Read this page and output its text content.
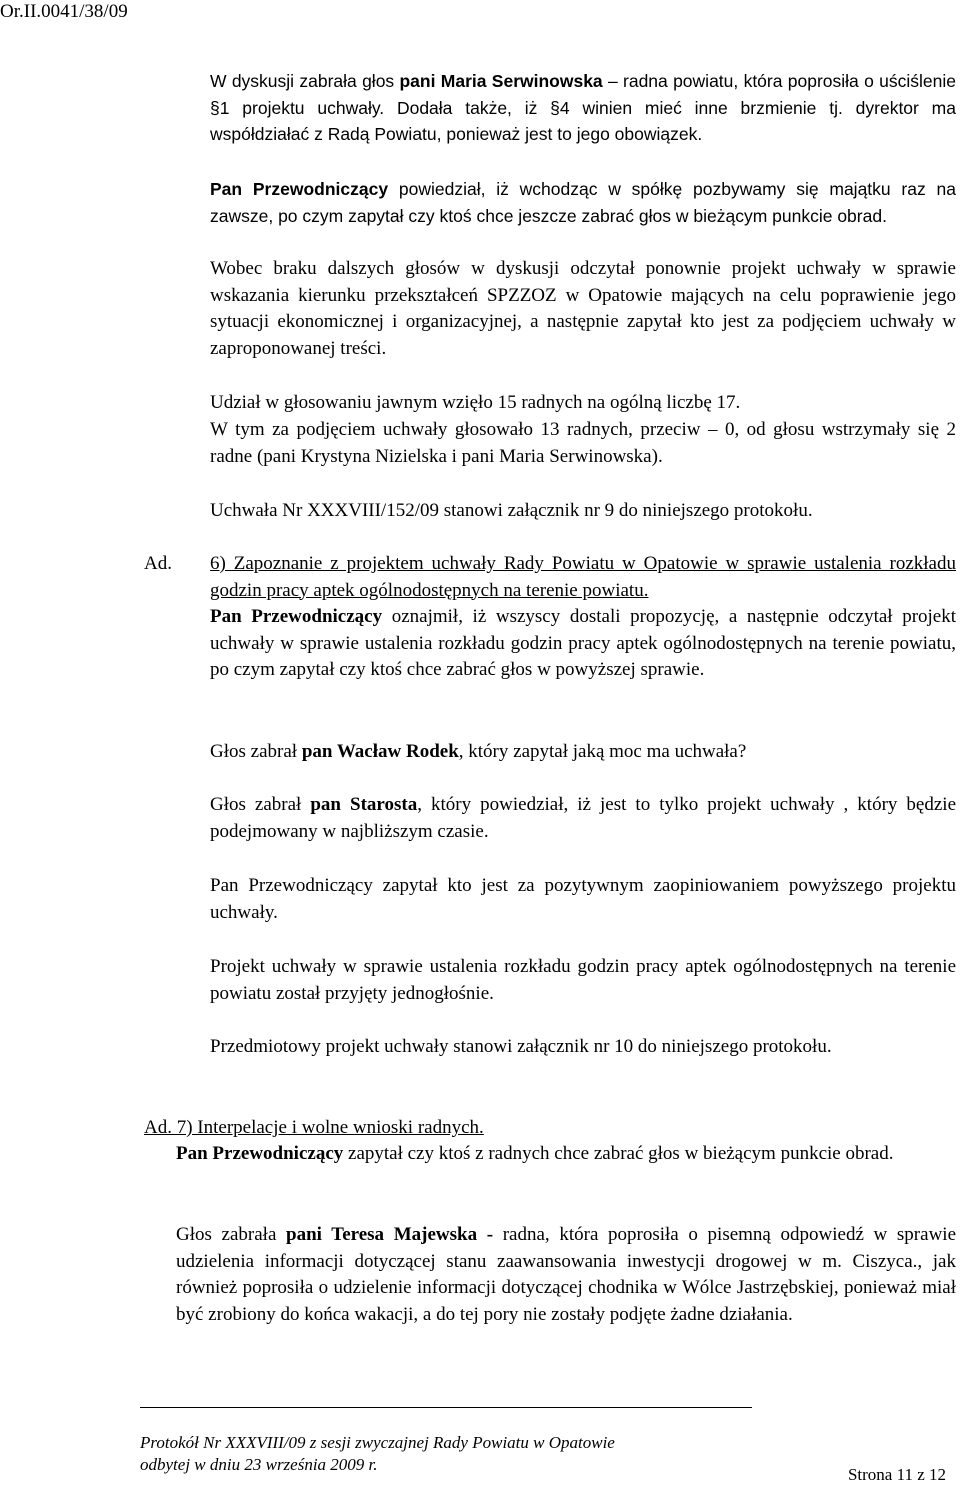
Or.II.0041/38/09
W dyskusji zabrała głos pani Maria Serwinowska – radna powiatu, która poprosiła o uściślenie §1 projektu uchwały. Dodała także, iż §4 winien mieć inne brzmienie tj. dyrektor ma współdziałać z Radą Powiatu, ponieważ jest to jego obowiązek.
Pan Przewodniczący powiedział, iż wchodząc w spółkę pozbywamy się majątku raz na zawsze, po czym zapytał czy ktoś chce jeszcze zabrać głos w bieżącym punkcie obrad.
Wobec braku dalszych głosów w dyskusji odczytał ponownie projekt uchwały w sprawie wskazania kierunku przekształceń SPZZOZ w Opatowie mających na celu poprawienie jego sytuacji ekonomicznej i organizacyjnej, a następnie zapytał kto jest za podjęciem uchwały w zaproponowanej treści.
Udział w głosowaniu jawnym wzięło 15 radnych na ogólną liczbę 17.
W tym za podjęciem uchwały głosowało 13 radnych, przeciw – 0, od głosu wstrzymały się 2 radne (pani Krystyna Nizielska i pani Maria Serwinowska).
Uchwała Nr XXXVIII/152/09 stanowi załącznik nr 9 do niniejszego protokołu.
Ad.	6) Zapoznanie z projektem uchwały Rady Powiatu w Opatowie w sprawie ustalenia rozkładu godzin pracy aptek ogólnodostępnych na terenie powiatu.
Pan Przewodniczący oznajmił, iż wszyscy dostali propozycję, a następnie odczytał projekt uchwały w sprawie ustalenia rozkładu godzin pracy aptek ogólnodostępnych na terenie powiatu, po czym zapytał czy ktoś chce zabrać głos w powyższej sprawie.
Głos zabrał pan Wacław Rodek, który zapytał jaką moc ma uchwała?
Głos zabrał pan Starosta, który powiedział, iż jest to tylko projekt uchwały , który będzie podejmowany w najbliższym czasie.
Pan Przewodniczący zapytał kto jest za pozytywnym zaopiniowaniem powyższego projektu uchwały.
Projekt uchwały w sprawie ustalenia rozkładu godzin pracy aptek ogólnodostępnych na terenie powiatu został przyjęty jednogłośnie.
Przedmiotowy projekt uchwały stanowi załącznik nr 10 do niniejszego protokołu.
Ad. 7) Interpelacje i wolne wnioski radnych.
Pan Przewodniczący zapytał czy ktoś z radnych chce zabrać głos w bieżącym punkcie obrad.
Głos zabrała pani Teresa Majewska - radna, która poprosiła o pisemną odpowiedź w sprawie udzielenia informacji dotyczącej stanu zaawansowania inwestycji drogowej w m. Ciszyca., jak również poprosiła o udzielenie informacji dotyczącej chodnika w Wólce Jastrzębskiej, ponieważ miał być zrobiony do końca wakacji, a do tej pory nie zostały podjęte żadne działania.
Protokół Nr XXXVIII/09 z sesji zwyczajnej Rady Powiatu w Opatowie
odbytej w dniu 23 września 2009 r.
Strona 11 z 12
